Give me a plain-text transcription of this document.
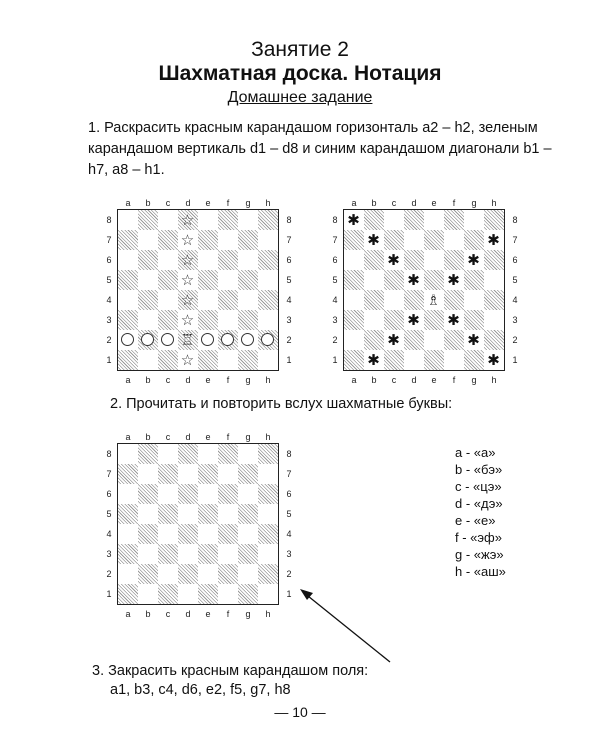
Занятие 2
Шахматная доска. Нотация
Домашнее задание
1. Раскрасить красным карандашом горизонталь a2 – h2, зеленым карандашом вертикаль d1 – d8 и синим карандашом диагонали b1 – h7, a8 – h1.
a
a
b
b
c
c
d
d
e
e
f
f
g
g
h
h
8	8
7	7
6	6
5	5
4	4
3	3
2	2
1	1
☆
☆
☆
☆
☆
☆
♖
☆
a
a
b
b
c
c
d
d
e
e
f
f
g
g
h
h
8	8
7	7
6	6
5	5
4	4
3	3
2	2
1	1
✱
✱	✱
✱	✱
✱ ✱
♗
✱ ✱
✱	✱
✱	✱
2. Прочитать и повторить вслух шахматные буквы:
a
a
b
b
c
c
d
d
e
e
f
f
g
g
h
h
8	8
7	7
6	6
5	5
4	4
3	3
2	2
1	1
a - «а»
b - «бэ»
c - «цэ»
d - «дэ»
e - «е»
f - «эф»
g - «жэ»
h - «аш»
3. Закрасить красным карандашом поля:
a1, b3, c4, d6, e2, f5, g7, h8
— 10 —
